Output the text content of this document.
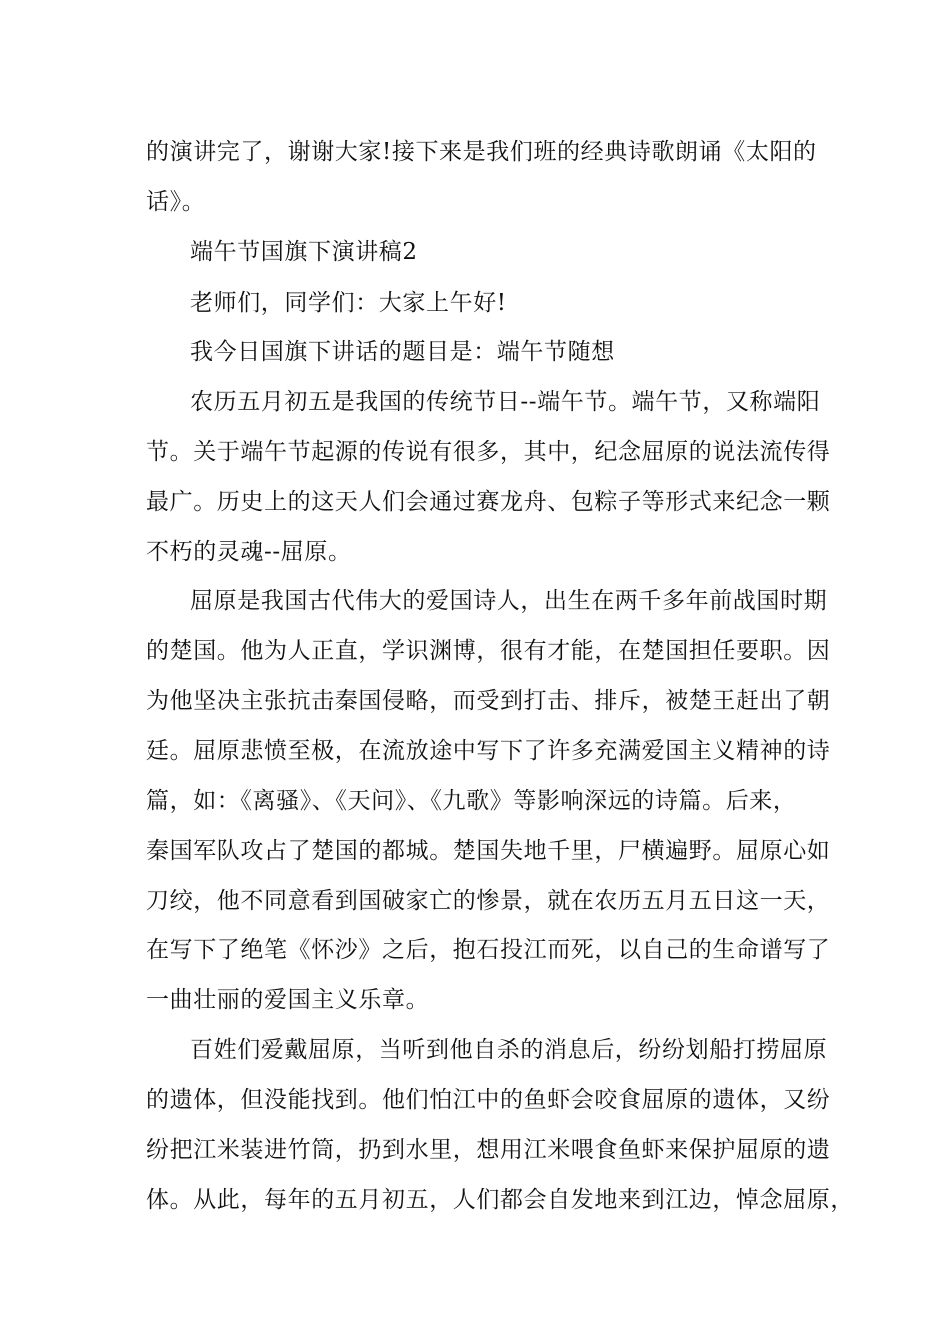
的演讲完了，谢谢大家!接下来是我们班的经典诗歌朗诵《太阳的
话》。
端午节国旗下演讲稿2
老师们，同学们：大家上午好!
我今日国旗下讲话的题目是：端午节随想
农历五月初五是我国的传统节日--端午节。端午节，又称端阳
节。关于端午节起源的传说有很多，其中，纪念屈原的说法流传得
最广。历史上的这天人们会通过赛龙舟、包粽子等形式来纪念一颗
不朽的灵魂--屈原。
屈原是我国古代伟大的爱国诗人，出生在两千多年前战国时期
的楚国。他为人正直，学识渊博，很有才能，在楚国担任要职。因
为他坚决主张抗击秦国侵略，而受到打击、排斥，被楚王赶出了朝
廷。屈原悲愤至极，在流放途中写下了许多充满爱国主义精神的诗
篇，如：《离骚》、《天问》、《九歌》等影响深远的诗篇。后来，
秦国军队攻占了楚国的都城。楚国失地千里，尸横遍野。屈原心如
刀绞，他不同意看到国破家亡的惨景，就在农历五月五日这一天，
在写下了绝笔《怀沙》之后，抱石投江而死，以自己的生命谱写了
一曲壮丽的爱国主义乐章。
百姓们爱戴屈原，当听到他自杀的消息后，纷纷划船打捞屈原
的遗体，但没能找到。他们怕江中的鱼虾会咬食屈原的遗体，又纷
纷把江米装进竹筒，扔到水里，想用江米喂食鱼虾来保护屈原的遗
体。从此，每年的五月初五，人们都会自发地来到江边，悼念屈原，
